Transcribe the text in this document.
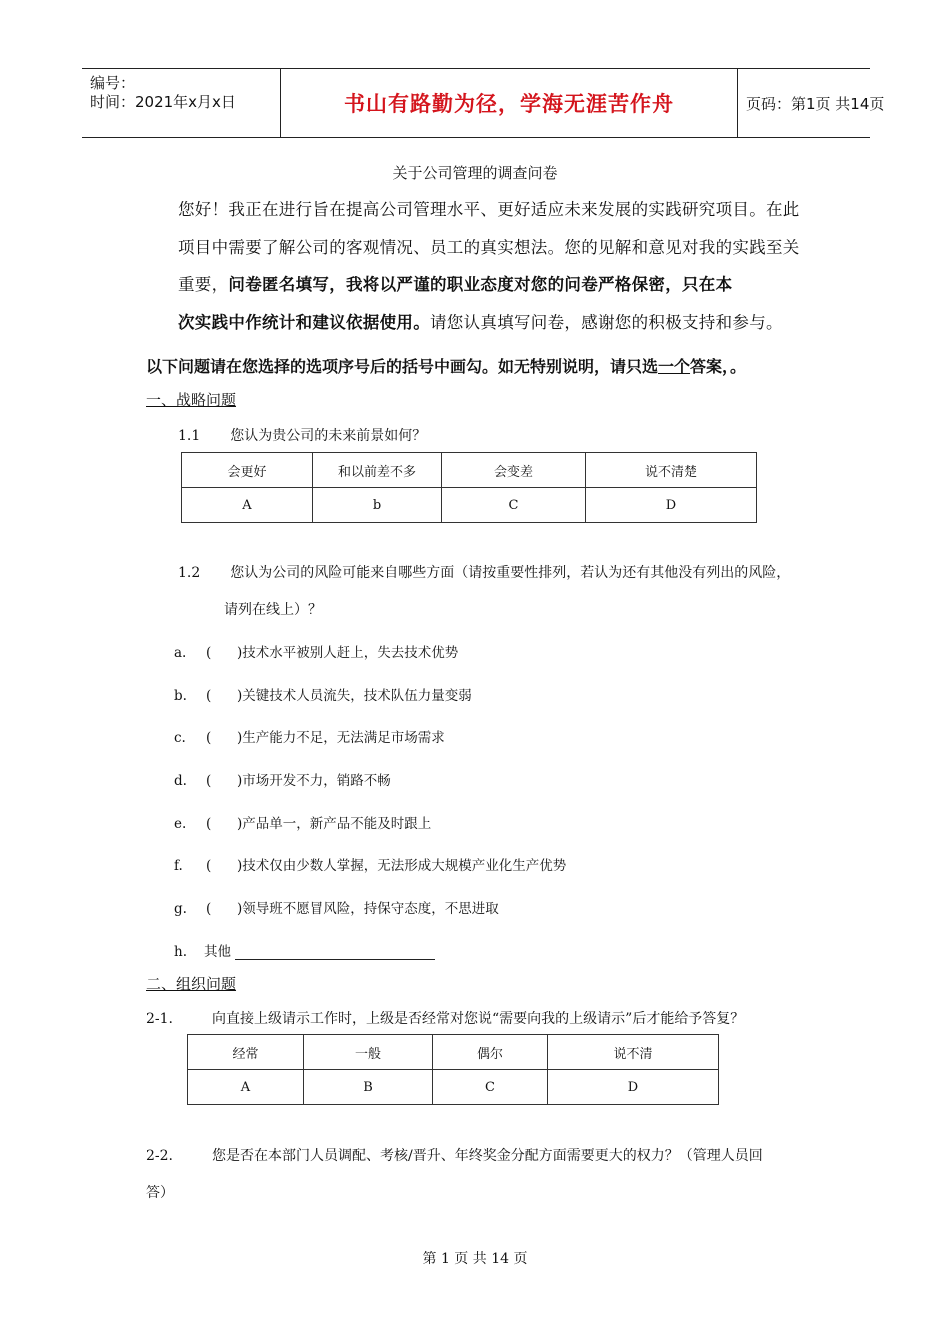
编号：
时间：2021年x月x日	书山有路勤为径，学海无涯苦作舟	页码：第1页 共14页
关于公司管理的调查问卷
您好！我正在进行旨在提高公司管理水平、更好适应未来发展的实践研究项目。在此
项目中需要了解公司的客观情况、员工的真实想法。您的见解和意见对我的实践至关
重要，问卷匿名填写，我将以严谨的职业态度对您的问卷严格保密，只在本
次实践中作统计和建议依据使用。请您认真填写问卷，感谢您的积极支持和参与。
以下问题请在您选择的选项序号后的括号中画勾。如无特别说明，请只选一个答案，。
一、战略问题
1.1 您认为贵公司的未来前景如何？
会更好	和以前差不多	会变差	说不清楚
A	b	C	D
1.2 您认为公司的风险可能来自哪些方面（请按重要性排列，若认为还有其他没有列出的风险，
请列在线上）？
a. (      )技术水平被别人赶上，失去技术优势
b. (      )关键技术人员流失，技术队伍力量变弱
c. (      )生产能力不足，无法满足市场需求
d. (      )市场开发不力，销路不畅
e. (      )产品单一，新产品不能及时跟上
f. (      )技术仅由少数人掌握，无法形成大规模产业化生产优势
g. (      )领导班不愿冒风险，持保守态度，不思进取
h. 其他
二、组织问题
2-1.	向直接上级请示工作时，上级是否经常对您说“需要向我的上级请示”后才能给予答复？
经常	一般	偶尔	说不清
A	B	C	D
2-2.	您是否在本部门人员调配、考核/晋升、年终奖金分配方面需要更大的权力？（管理人员回
答）
第 1 页 共 14 页
